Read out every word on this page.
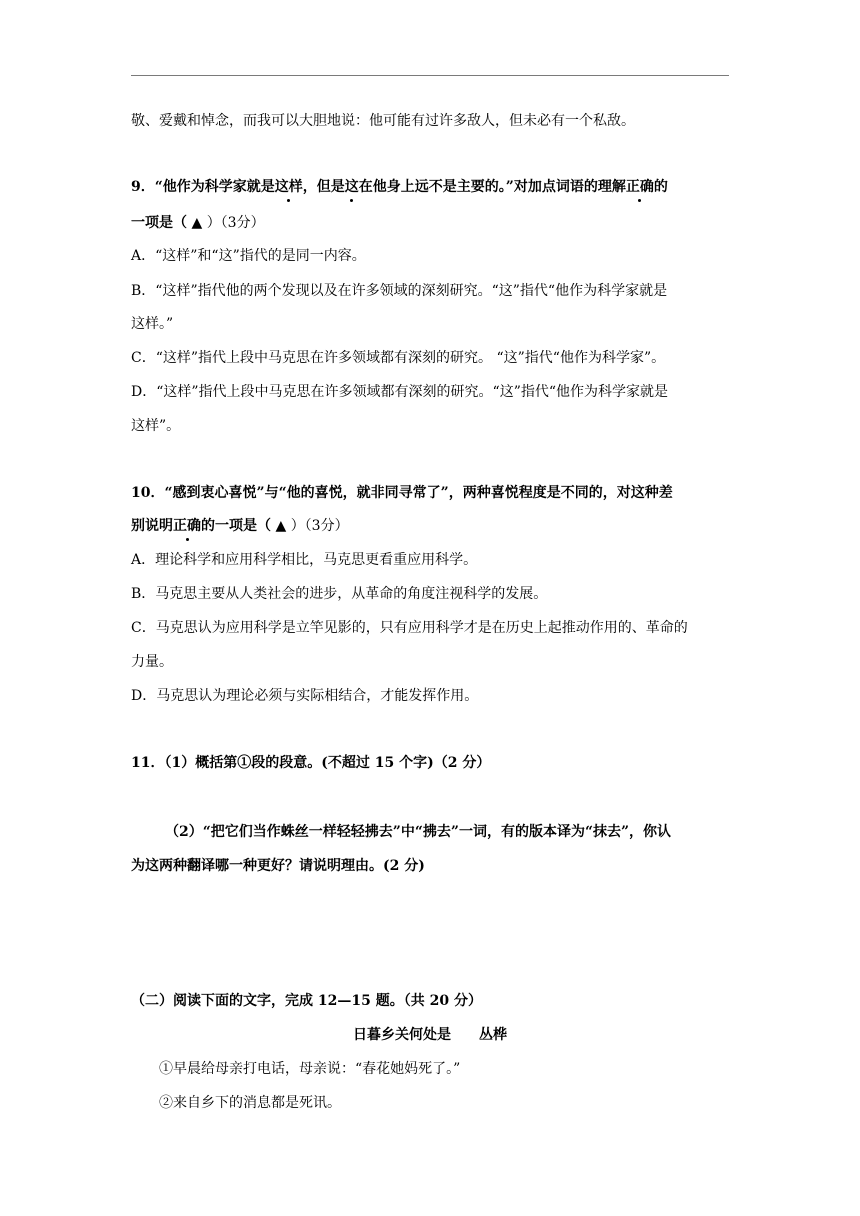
敬、爱戴和悼念，而我可以大胆地说：他可能有过许多敌人，但未必有一个私敌。
9．“他作为科学家就是这样，但是这在他身上远不是主要的。”对加点词语的理解正确的
一项是（ ▲ ）（3分）
A．“这样”和“这”指代的是同一内容。
B．“这样”指代他的两个发现以及在许多领域的深刻研究。“这”指代“他作为科学家就是
这样。”
C．“这样”指代上段中马克思在许多领域都有深刻的研究。 “这”指代“他作为科学家”。
D．“这样”指代上段中马克思在许多领域都有深刻的研究。“这”指代“他作为科学家就是
这样”。
10．“感到衷心喜悦”与“他的喜悦，就非同寻常了”，两种喜悦程度是不同的，对这种差
别说明正确的一项是（ ▲ ）（3分）
A．理论科学和应用科学相比，马克思更看重应用科学。
B．马克思主要从人类社会的进步，从革命的角度注视科学的发展。
C．马克思认为应用科学是立竿见影的，只有应用科学才是在历史上起推动作用的、革命的
力量。
D．马克思认为理论必须与实际相结合，才能发挥作用。
11．（1）概括第①段的段意。(不超过 15 个字)（2 分）
（2）“把它们当作蛛丝一样轻轻拂去”中“拂去”一词，有的版本译为“抹去”，你认
为这两种翻译哪一种更好？请说明理由。(2 分)
（二）阅读下面的文字，完成 12—15 题。（共 20 分）
日暮乡关何处是　　丛桦
①早晨给母亲打电话，母亲说：“春花她妈死了。”
②来自乡下的消息都是死讯。
